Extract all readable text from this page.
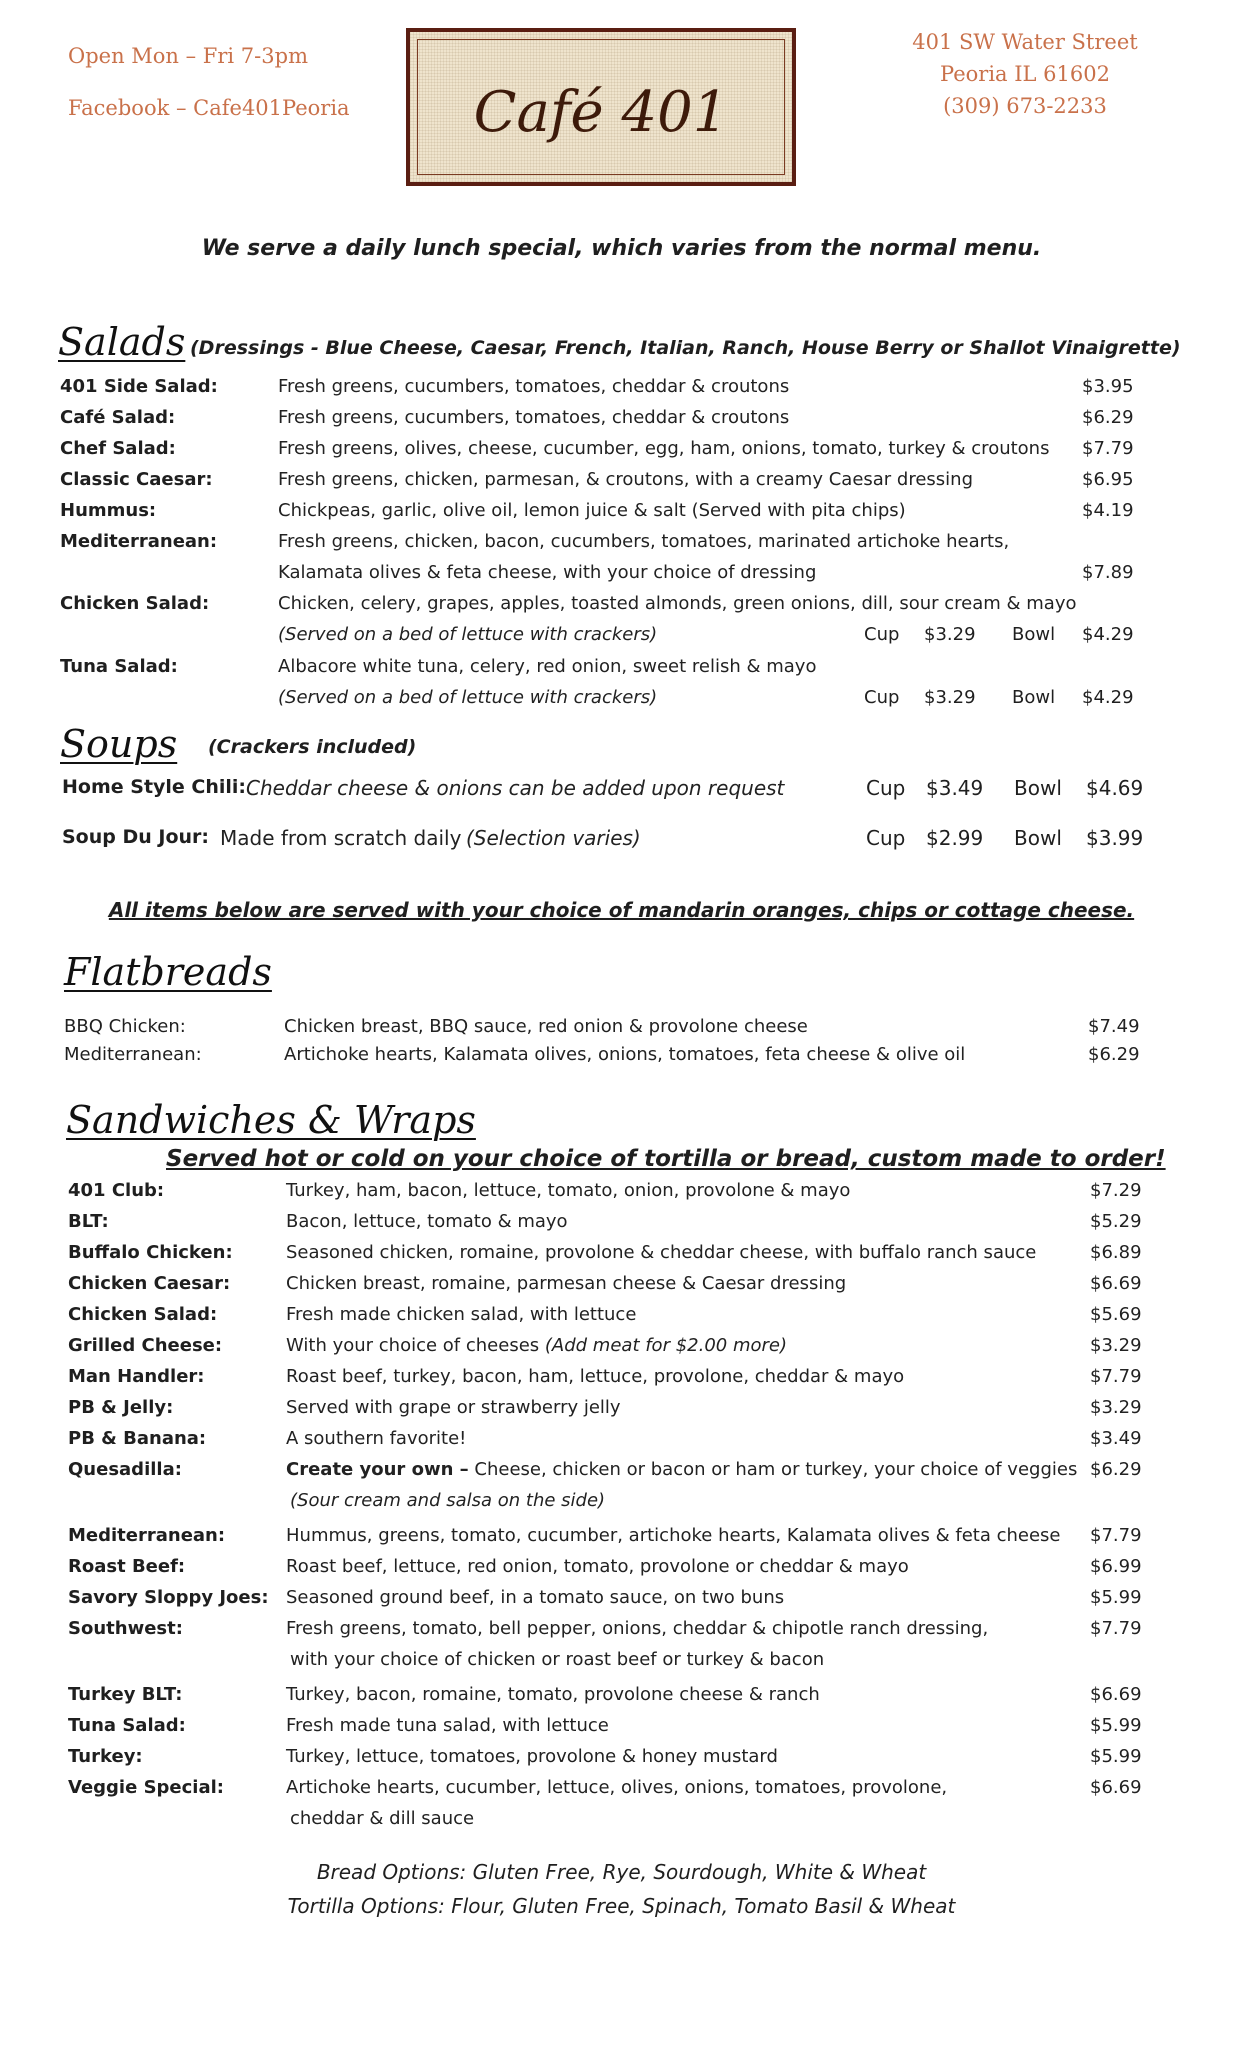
Open Mon – Fri 7-3pm
Facebook – Cafe401Peoria	Café 401
401 SW Water Street
Peoria IL 61602
(309) 673-2233
We serve a daily lunch special, which varies from the normal menu.
Salads (Dressings - Blue Cheese, Caesar, French, Italian, Ranch, House Berry or Shallot Vinaigrette)
401 Side Salad:	Fresh greens, cucumbers, tomatoes, cheddar & croutons	$3.95
Café Salad:	Fresh greens, cucumbers, tomatoes, cheddar & croutons	$6.29
Chef Salad:	Fresh greens, olives, cheese, cucumber, egg, ham, onions, tomato, turkey & croutons $7.79
Classic Caesar:	Fresh greens, chicken, parmesan, & croutons, with a creamy Caesar dressing	$6.95
Hummus:	Chickpeas, garlic, olive oil, lemon juice & salt (Served with pita chips)	$4.19
Mediterranean:	Fresh greens, chicken, bacon, cucumbers, tomatoes, marinated artichoke hearts,
Kalamata olives & feta cheese, with your choice of dressing	$7.89
Chicken Salad:	Chicken, celery, grapes, apples, toasted almonds, green onions, dill, sour cream & mayo
(Served on a bed of lettuce with crackers)	Cup $3.29 Bowl $4.29
Tuna Salad:	Albacore white tuna, celery, red onion, sweet relish & mayo
(Served on a bed of lettuce with crackers)	Cup $3.29 Bowl $4.29
Soups (Crackers included)
Home Style Chili: Cheddar cheese & onions can be added upon request	Cup $3.49 Bowl $4.69
Soup Du Jour: Made from scratch daily (Selection varies)	Cup $2.99 Bowl $3.99
All items below are served with your choice of mandarin oranges, chips or cottage cheese.
Flatbreads
BBQ Chicken:	Chicken breast, BBQ sauce, red onion & provolone cheese	$7.49
Mediterranean:	Artichoke hearts, Kalamata olives, onions, tomatoes, feta cheese & olive oil	$6.29
Sandwiches & Wraps
Served hot or cold on your choice of tortilla or bread, custom made to order!
401 Club:	Turkey, ham, bacon, lettuce, tomato, onion, provolone & mayo	$7.29
BLT:	Bacon, lettuce, tomato & mayo	$5.29
Buffalo Chicken:	Seasoned chicken, romaine, provolone & cheddar cheese, with buffalo ranch sauce	$6.89
Chicken Caesar:	Chicken breast, romaine, parmesan cheese & Caesar dressing	$6.69
Chicken Salad:	Fresh made chicken salad, with lettuce	$5.69
Grilled Cheese:	With your choice of cheeses (Add meat for $2.00 more)	$3.29
Man Handler:	Roast beef, turkey, bacon, ham, lettuce, provolone, cheddar & mayo	$7.79
PB & Jelly:	Served with grape or strawberry jelly	$3.29
PB & Banana:	A southern favorite!	$3.49
Quesadilla:	Create your own – Cheese, chicken or bacon or ham or turkey, your choice of veggies $6.29
(Sour cream and salsa on the side)
Mediterranean:	Hummus, greens, tomato, cucumber, artichoke hearts, Kalamata olives & feta cheese $7.79
Roast Beef:	Roast beef, lettuce, red onion, tomato, provolone or cheddar & mayo	$6.99
Savory Sloppy Joes: Seasoned ground beef, in a tomato sauce, on two buns	$5.99
Southwest:	Fresh greens, tomato, bell pepper, onions, cheddar & chipotle ranch dressing,	$7.79
with your choice of chicken or roast beef or turkey & bacon
Turkey BLT:	Turkey, bacon, romaine, tomato, provolone cheese & ranch	$6.69
Tuna Salad:	Fresh made tuna salad, with lettuce	$5.99
Turkey:	Turkey, lettuce, tomatoes, provolone & honey mustard	$5.99
Veggie Special:	Artichoke hearts, cucumber, lettuce, olives, onions, tomatoes, provolone,	$6.69
cheddar & dill sauce
Bread Options: Gluten Free, Rye, Sourdough, White & Wheat
Tortilla Options: Flour, Gluten Free, Spinach, Tomato Basil & Wheat
